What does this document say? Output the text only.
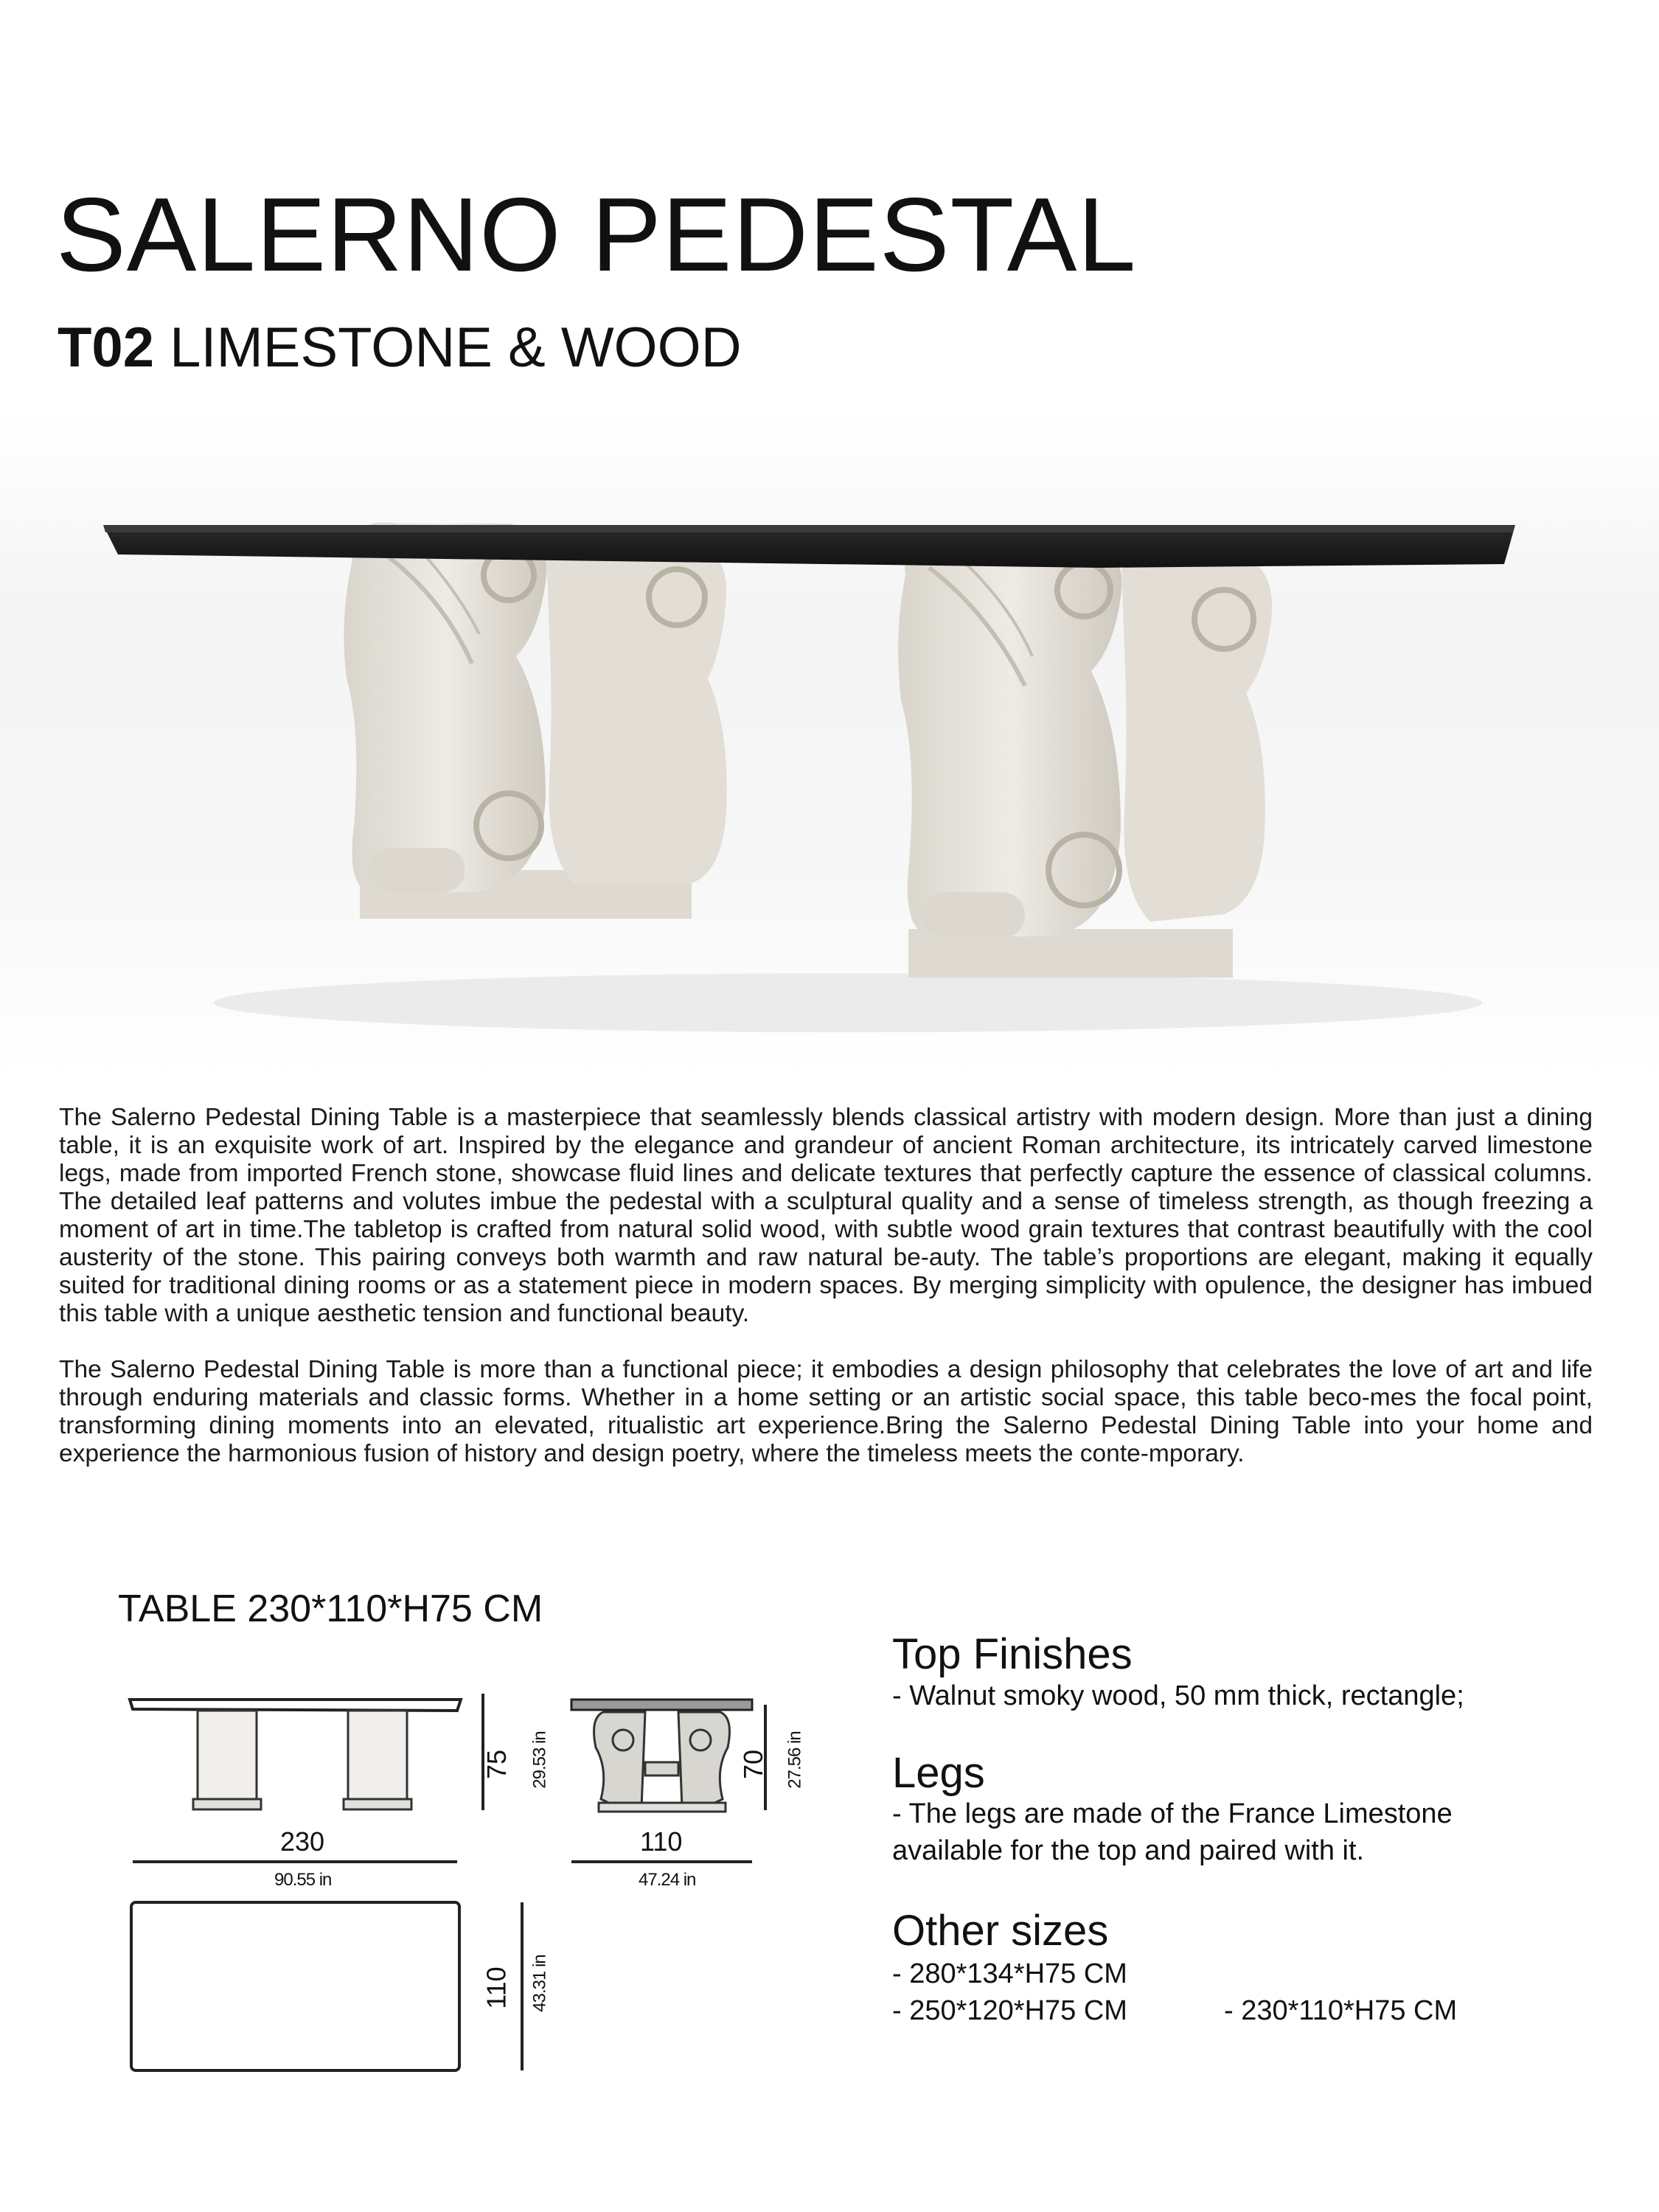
SALERNO PEDESTAL
T02 LIMESTONE & WOOD

The Salerno Pedestal Dining Table is a masterpiece that seamlessly blends classical artistry with modern design. More than just a dining table, it is an exquisite work of art. Inspired by the elegance and grandeur of ancient Roman architecture, its intricately carved limestone legs, made from imported French stone, showcase fluid lines and delicate textures that perfectly capture the essence of classical columns. The detailed leaf patterns and volutes imbue the pedestal with a sculptural quality and a sense of timeless strength, as though freezing a moment of art in time.The tabletop is crafted from natural solid wood, with subtle wood grain textures that contrast beautifully with the cool austerity of the stone. This pairing conveys both warmth and raw natural be-auty. The table’s proportions are elegant, making it equally suited for traditional dining rooms or as a statement piece in modern spaces. By merging simplicity with opulence, the designer has imbued this table with a unique aesthetic tension and functional beauty.

The Salerno Pedestal Dining Table is more than a functional piece; it embodies a design philosophy that celebrates the love of art and life through enduring materials and classic forms. Whether in a home setting or an artistic social space, this table beco-mes the focal point, transforming dining moments into an elevated, ritualistic art experience.Bring the Salerno Pedestal Dining Table into your home and experience the harmonious fusion of history and design poetry, where the timeless meets the conte-mporary.

TABLE 230*110*H75 CM
230
90.55 in
75 29.53 in
110
47.24 in
70 27.56 in
110 43.31 in
Top Finishes
- Walnut smoky wood, 50 mm thick, rectangle;
Legs
- The legs are made of the France Limestone
available for the top and paired with it.
Other sizes
- 280*134*H75 CM
- 250*120*H75 CM	- 230*110*H75 CM
